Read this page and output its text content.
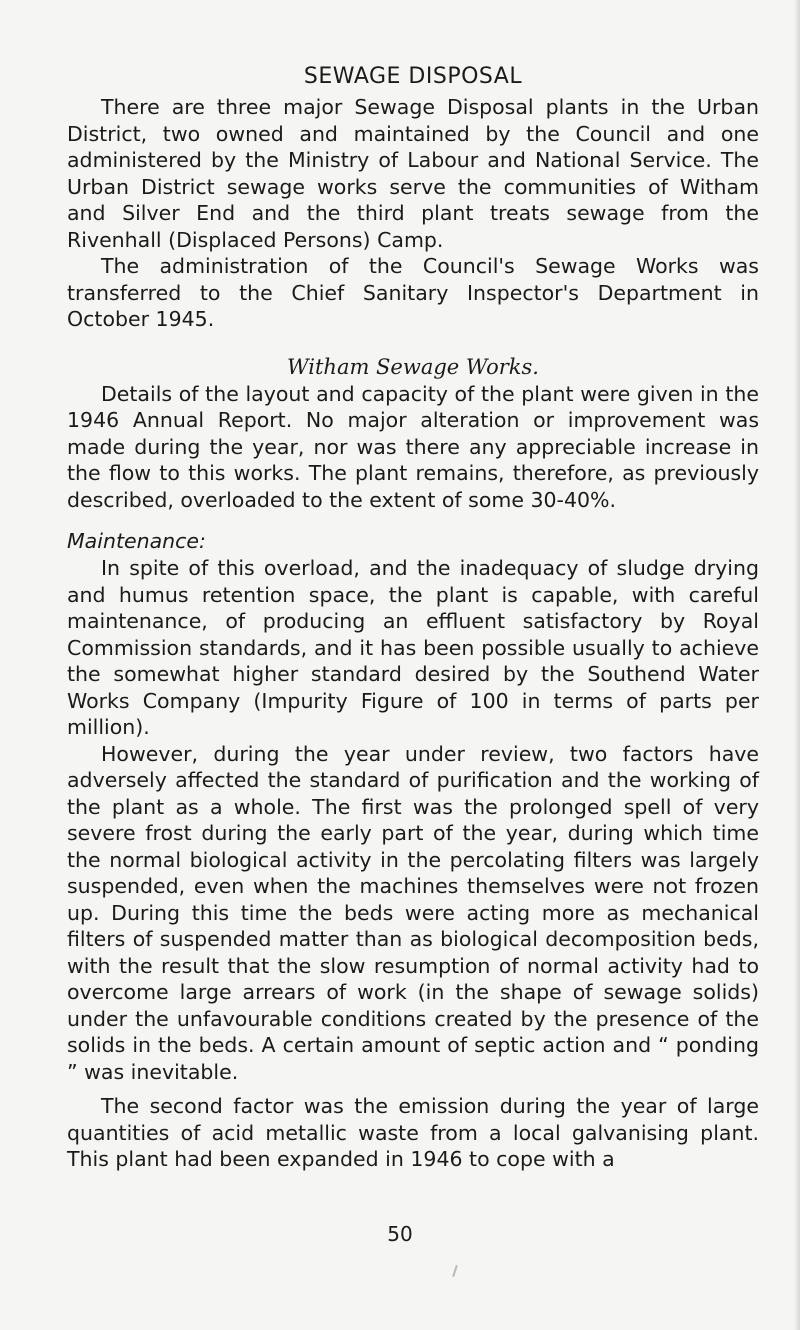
SEWAGE DISPOSAL

There are three major Sewage Disposal plants in the Urban District, two owned and maintained by the Council and one administered by the Ministry of Labour and National Service. The Urban District sewage works serve the communities of Witham and Silver End and the third plant treats sewage from the Rivenhall (Displaced Persons) Camp.

The administration of the Council's Sewage Works was transferred to the Chief Sanitary Inspector's Department in October 1945.

Witham Sewage Works.

Details of the layout and capacity of the plant were given in the 1946 Annual Report. No major alteration or improvement was made during the year, nor was there any appreciable increase in the flow to this works. The plant remains, therefore, as previously described, overloaded to the extent of some 30-40%.

Maintenance:

In spite of this overload, and the inadequacy of sludge drying and humus retention space, the plant is capable, with careful maintenance, of producing an effluent satisfactory by Royal Commission standards, and it has been possible usually to achieve the somewhat higher standard desired by the Southend Water Works Company (Impurity Figure of 100 in terms of parts per million).

However, during the year under review, two factors have adversely affected the standard of purification and the working of the plant as a whole. The first was the prolonged spell of very severe frost during the early part of the year, during which time the normal biological activity in the percolating filters was largely suspended, even when the machines themselves were not frozen up. During this time the beds were acting more as mechanical filters of suspended matter than as biological decomposition beds, with the result that the slow resumption of normal activity had to overcome large arrears of work (in the shape of sewage solids) under the unfavourable conditions created by the presence of the solids in the beds. A certain amount of septic action and “ ponding ” was inevitable.

The second factor was the emission during the year of large quantities of acid metallic waste from a local galvanising plant. This plant had been expanded in 1946 to cope with a

50
